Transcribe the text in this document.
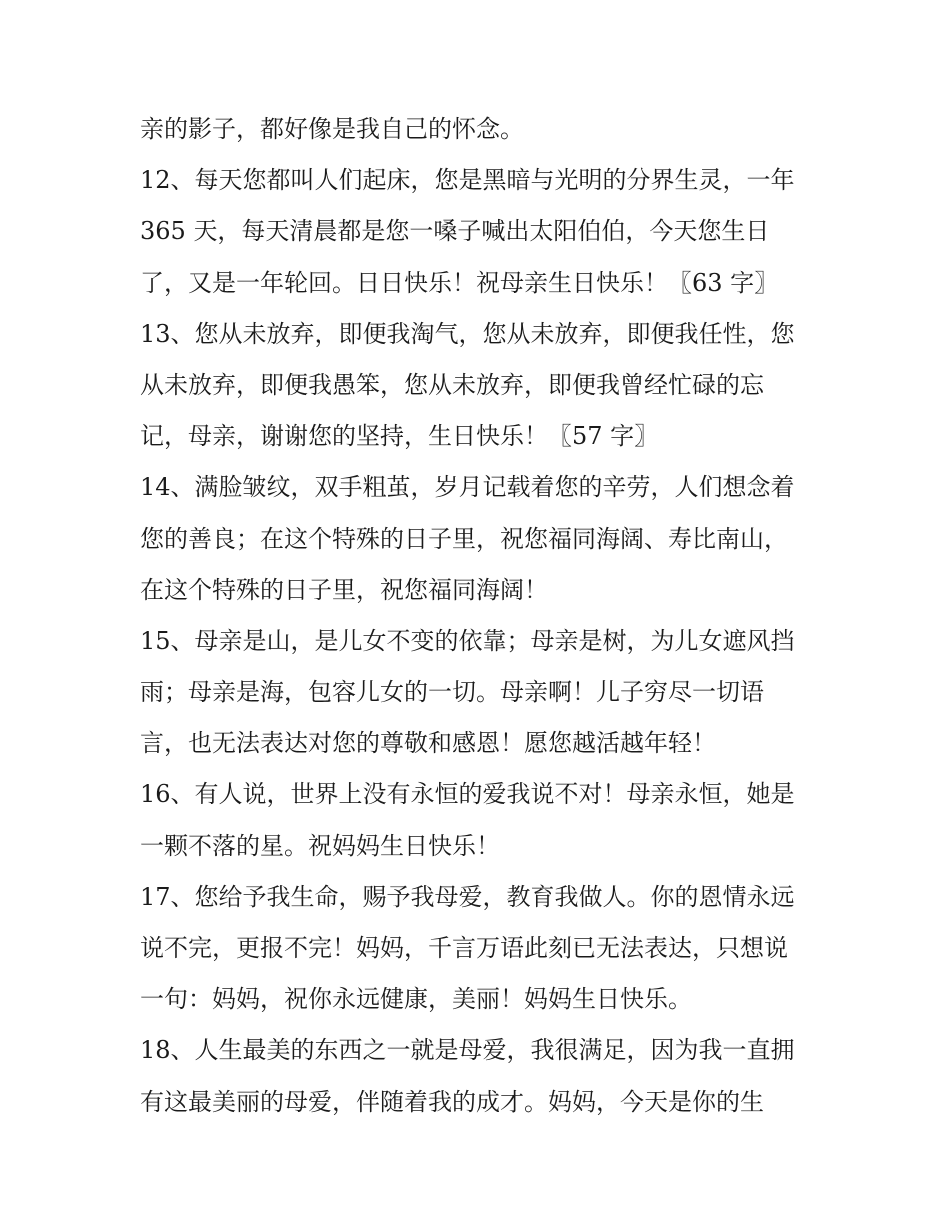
亲的影子，都好像是我自己的怀念。
12、每天您都叫人们起床，您是黑暗与光明的分界生灵，一年
365 天，每天清晨都是您一嗓子喊出太阳伯伯，今天您生日
了，又是一年轮回。日日快乐！祝母亲生日快乐！〖63 字〗
13、您从未放弃，即便我淘气，您从未放弃，即便我任性，您
从未放弃，即便我愚笨，您从未放弃，即便我曾经忙碌的忘
记，母亲，谢谢您的坚持，生日快乐！〖57 字〗
14、满脸皱纹，双手粗茧，岁月记载着您的辛劳，人们想念着
您的善良；在这个特殊的日子里，祝您福同海阔、寿比南山，
在这个特殊的日子里，祝您福同海阔！
15、母亲是山，是儿女不变的依靠；母亲是树，为儿女遮风挡
雨；母亲是海，包容儿女的一切。母亲啊！儿子穷尽一切语
言，也无法表达对您的尊敬和感恩！愿您越活越年轻！
16、有人说，世界上没有永恒的爱我说不对！母亲永恒，她是
一颗不落的星。祝妈妈生日快乐！
17、您给予我生命，赐予我母爱，教育我做人。你的恩情永远
说不完，更报不完！妈妈，千言万语此刻已无法表达，只想说
一句：妈妈，祝你永远健康，美丽！妈妈生日快乐。
18、人生最美的东西之一就是母爱，我很满足，因为我一直拥
有这最美丽的母爱，伴随着我的成才。妈妈，今天是你的生
